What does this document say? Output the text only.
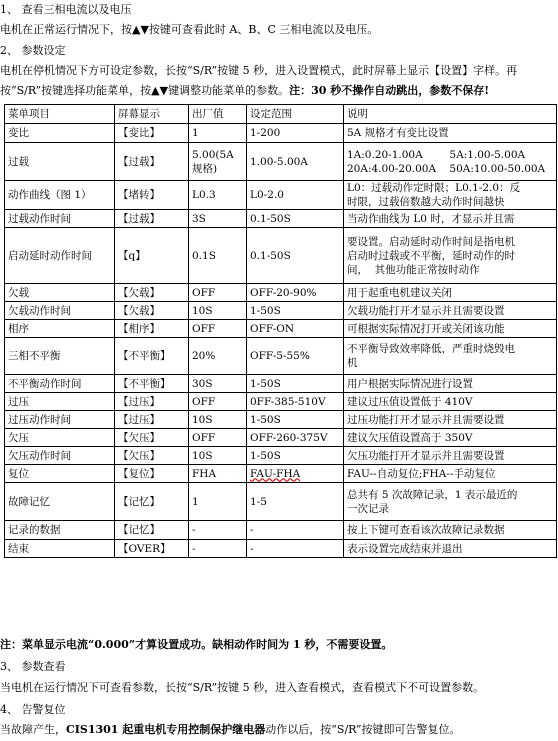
1、 查看三相电流以及电压
电机在正常运行情况下，按▲▼按键可查看此时 A、B、C 三相电流以及电压。
2、 参数设定
电机在停机情况下方可设定参数，长按“S/R”按键 5 秒，进入设置模式，此时屏幕上显示【设置】字样。再
按“S/R”按键选择功能菜单，按▲▼键调整功能菜单的参数。注：30 秒不操作自动跳出，参数不保存!
菜单项目	屏幕显示	出厂值	设定范围	说明
变比	【变比】	1	1-200	5A 规格才有变比设置

过载	【过载】	5.00(5A规格)	1.00-5.00A	1A:0.20-1.00A        5A:1.00-5.00A
20A:4.00-20.00A    50A:10.00-50.00A

动作曲线（图 1）	【堵转】	L0.3	L0-2.0	L0：过载动作定时限；L0.1-2.0：反
时限，过载倍数越大动作时间越快

过载动作时间	【过载】	3S	0.1-50S	当动作曲线为 L0 时，才显示并且需

启动延时动作时间	【q】	0.1S	0.1-50S	要设置。启动延时动作时间是指电机
启动时过载或不平衡，延时动作的时
间，  其他功能正常按时动作

欠载	【欠载】	OFF	OFF-20-90%	用于起重电机建议关闭

欠载动作时间	【欠载】	10S	1-50S	欠载功能打开才显示并且需要设置

相序	【相序】	OFF	OFF-ON	可根据实际情况打开或关闭该功能

三相不平衡	【不平衡】	20%	OFF-5-55%	不平衡导致效率降低，严重时烧毁电
机

不平衡动作时间	【不平衡】	30S	1-50S	用户根据实际情况进行设置

过压	【过压】	OFF	0FF-385-510V	建议过压值设置低于 410V

过压动作时间	【过压】	10S	1-50S	过压功能打开才显示并且需要设置

欠压	【欠压】	OFF	OFF-260-375V	建议欠压值设置高于 350V

欠压动作时间	【欠压】	10S	1-50S	欠压功能打开才显示并且需要设置

复位	【复位】	FHA	FAU-FHA	FAU--自动复位;FHA--手动复位

故障记忆	【记忆】	1	1-5	总共有 5 次故障记录，1 表示最近的
一次记录

记录的数据	【记忆】	-	-	按上下键可查看该次故障记录数据

结束	【OVER】	-	-	表示设置完成结束并退出
注：菜单显示电流“0.000”才算设置成功。缺相动作时间为 1 秒，不需要设置。
3、 参数查看
当电机在运行情况下可查看参数，长按“S/R”按键 5 秒，进入查看模式，查看模式下不可设置参数。
4、 告警复位
当故障产生，CIS1301 起重电机专用控制保护继电器动作以后，按“S/R”按键即可告警复位。
